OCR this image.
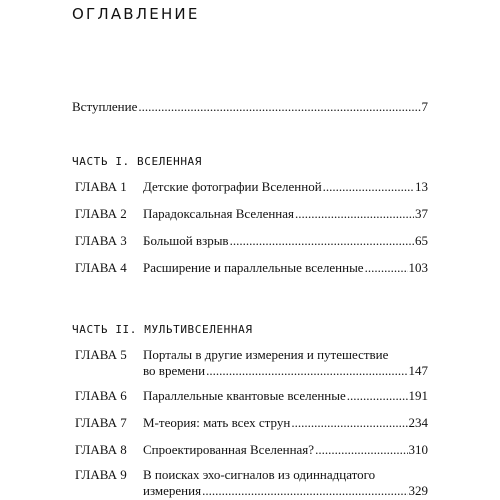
ОГЛАВЛЕНИЕ
Вступление .....	7
ЧАСТЬ I. ВСЕЛЕННАЯ
ГЛАВА 1	Детские фотографии Вселенной .....	13
ГЛАВА 2	Парадоксальная Вселенная .....	37
ГЛАВА 3	Большой взрыв .....	65
ГЛАВА 4	Расширение и параллельные вселенные .....	103
ЧАСТЬ II. МУЛЬТИВСЕЛЕННАЯ
ГЛАВА 5	Порталы в другие измерения и путешествие
во времени .....	147
ГЛАВА 6	Параллельные квантовые вселенные .....	191
ГЛАВА 7	М-теория: мать всех струн .....	234
ГЛАВА 8	Спроектированная Вселенная? .....	310
ГЛАВА 9	В поисках эхо-сигналов из одиннадцатого
измерения .....	329
